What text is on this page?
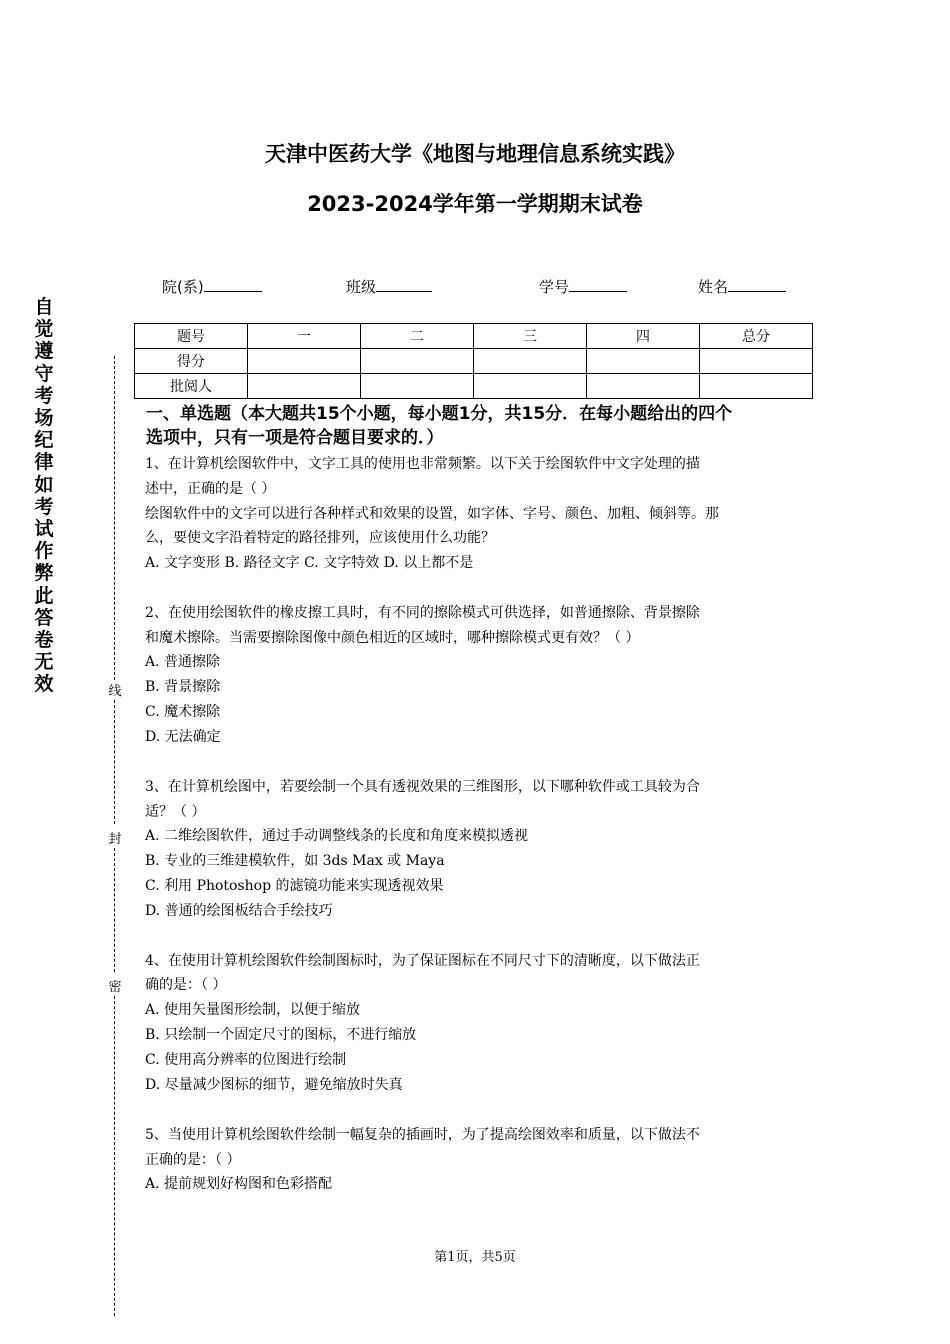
天津中医药大学《地图与地理信息系统实践》
2023-2024学年第一学期期末试卷
院(系)	班级	学号	姓名
题号	一	二	三	四	总分
得分					
批阅人					
自觉遵守考场纪律如考试作弊此答卷无效	线
封
密
一、单选题（本大题共15个小题，每小题1分，共15分．在每小题给出的四个
选项中，只有一项是符合题目要求的．）
1、在计算机绘图软件中，文字工具的使用也非常频繁。以下关于绘图软件中文字处理的描
述中，正确的是（ ）
绘图软件中的文字可以进行各种样式和效果的设置，如字体、字号、颜色、加粗、倾斜等。那
么，要使文字沿着特定的路径排列，应该使用什么功能？
A. 文字变形 B. 路径文字 C. 文字特效 D. 以上都不是
2、在使用绘图软件的橡皮擦工具时，有不同的擦除模式可供选择，如普通擦除、背景擦除
和魔术擦除。当需要擦除图像中颜色相近的区域时，哪种擦除模式更有效？（ ）
A. 普通擦除
B. 背景擦除
C. 魔术擦除
D. 无法确定
3、在计算机绘图中，若要绘制一个具有透视效果的三维图形，以下哪种软件或工具较为合
适？（ ）
A. 二维绘图软件，通过手动调整线条的长度和角度来模拟透视
B. 专业的三维建模软件，如 3ds Max 或 Maya
C. 利用 Photoshop 的滤镜功能来实现透视效果
D. 普通的绘图板结合手绘技巧
4、在使用计算机绘图软件绘制图标时，为了保证图标在不同尺寸下的清晰度，以下做法正
确的是：（ ）
A. 使用矢量图形绘制，以便于缩放
B. 只绘制一个固定尺寸的图标，不进行缩放
C. 使用高分辨率的位图进行绘制
D. 尽量减少图标的细节，避免缩放时失真
5、当使用计算机绘图软件绘制一幅复杂的插画时，为了提高绘图效率和质量，以下做法不
正确的是：（ ）
A. 提前规划好构图和色彩搭配
第1页，共5页
